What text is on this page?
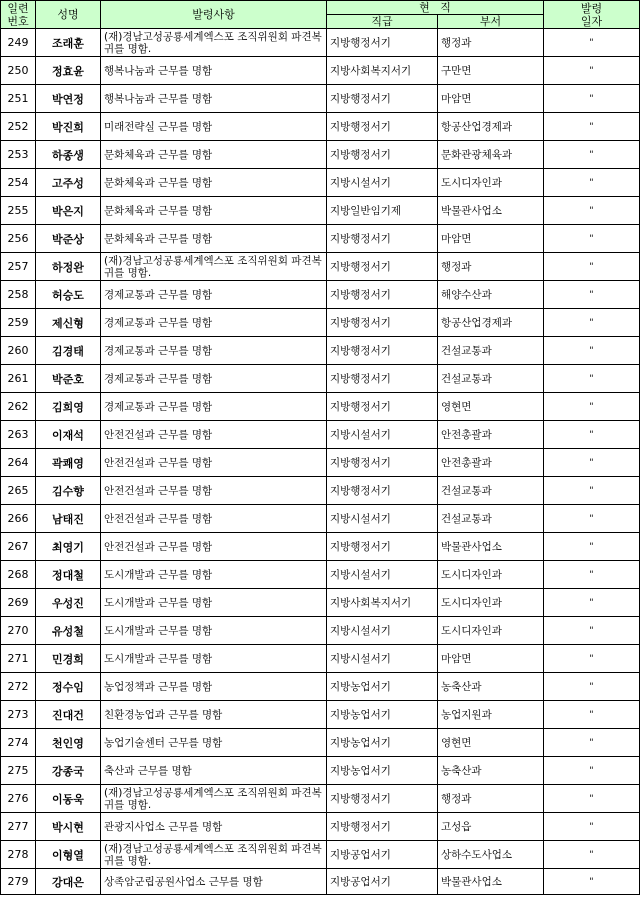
일련
번호	성명	발령사항	현   직		발령
일자
			직급	부서	
249	조래훈	(재)경남고성공룡세계엑스포 조직위원회 파견복귀를 명함.	지방행정서기	행정과	"
250	정효윤	행복나눔과 근무를 명함	지방사회복지서기	구만면	"
251	박연정	행복나눔과 근무를 명함	지방행정서기	마암면	"
252	박진희	미래전략실 근무를 명함	지방행정서기	항공산업경제과	"
253	하종생	문화체육과 근무를 명함	지방행정서기	문화관광체육과	"
254	고주성	문화체육과 근무를 명함	지방시설서기	도시디자인과	"
255	박은지	문화체육과 근무를 명함	지방일반임기제	박물관사업소	"
256	박준상	문화체육과 근무를 명함	지방행정서기	마암면	"
257	하정완	(재)경남고성공룡세계엑스포 조직위원회 파견복귀를 명함.	지방행정서기	행정과	"
258	허승도	경제교통과 근무를 명함	지방행정서기	해양수산과	"
259	제신형	경제교통과 근무를 명함	지방행정서기	항공산업경제과	"
260	김경태	경제교통과 근무를 명함	지방행정서기	건설교통과	"
261	박준호	경제교통과 근무를 명함	지방행정서기	건설교통과	"
262	김희영	경제교통과 근무를 명함	지방행정서기	영현면	"
263	이재석	안전건설과 근무를 명함	지방시설서기	안전총괄과	"
264	곽쾌영	안전건설과 근무를 명함	지방행정서기	안전총괄과	"
265	김수향	안전건설과 근무를 명함	지방행정서기	건설교통과	"
266	남태진	안전건설과 근무를 명함	지방시설서기	건설교통과	"
267	최영기	안전건설과 근무를 명함	지방행정서기	박물관사업소	"
268	정대철	도시개발과 근무를 명함	지방시설서기	도시디자인과	"
269	우성진	도시개발과 근무를 명함	지방사회복지서기	도시디자인과	"
270	유성철	도시개발과 근무를 명함	지방시설서기	도시디자인과	"
271	민경희	도시개발과 근무를 명함	지방시설서기	마암면	"
272	정수임	농업정책과 근무를 명함	지방농업서기	농축산과	"
273	진대건	친환경농업과 근무를 명함	지방농업서기	농업지원과	"
274	천인영	농업기술센터 근무를 명함	지방농업서기	영현면	"
275	강종국	축산과 근무를 명함	지방농업서기	농축산과	"
276	이동욱	(재)경남고성공룡세계엑스포 조직위원회 파견복귀를 명함.	지방행정서기	행정과	"
277	박시현	관광지사업소 근무를 명함	지방행정서기	고성읍	"
278	이형열	(재)경남고성공룡세계엑스포 조직위원회 파견복귀를 명함.	지방공업서기	상하수도사업소	"
279	강대은	상족암군립공원사업소 근무를 명함	지방공업서기	박물관사업소	"
